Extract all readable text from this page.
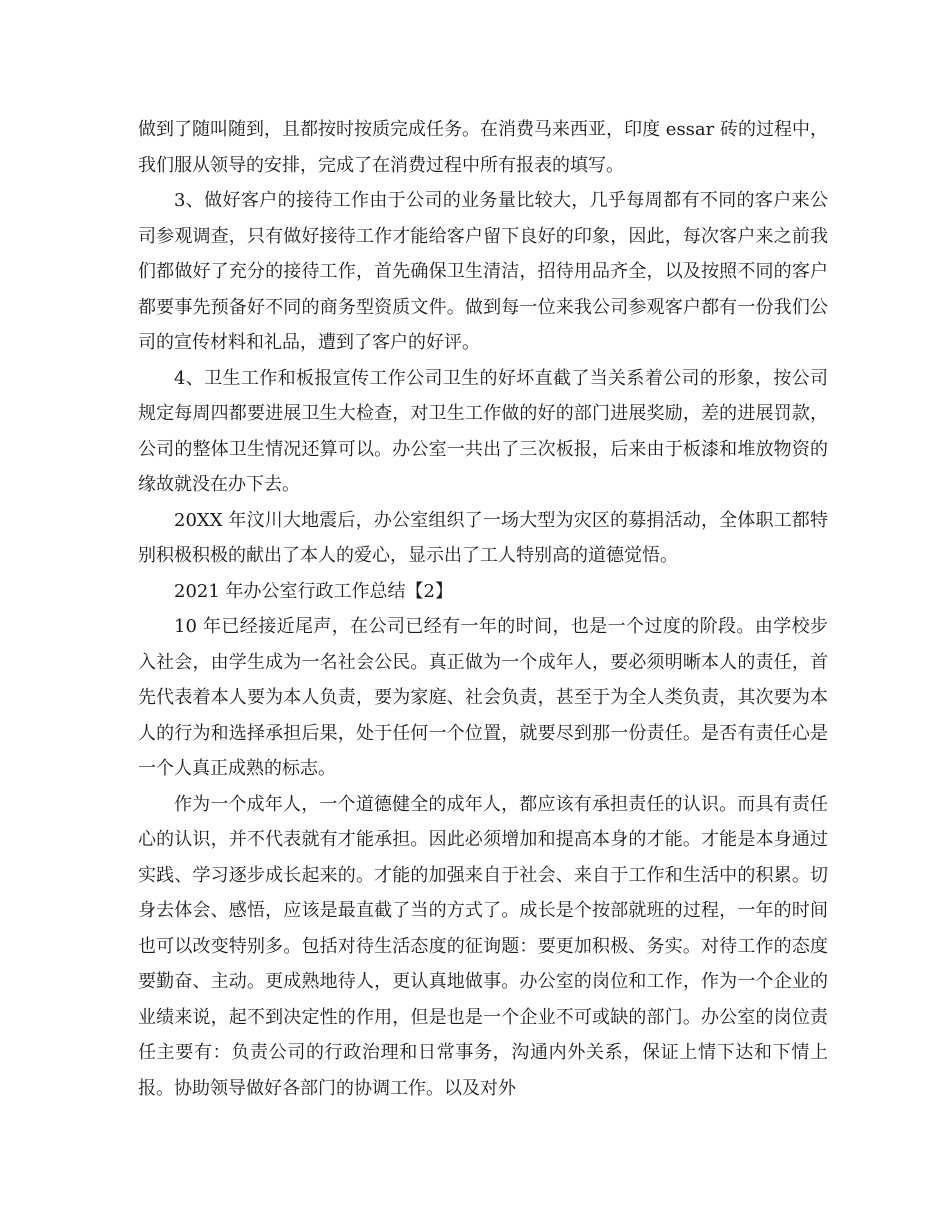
做到了随叫随到，且都按时按质完成任务。在消费马来西亚，印度 essar 砖的过程中，我们服从领导的安排，完成了在消费过程中所有报表的填写。

3、做好客户的接待工作由于公司的业务量比较大，几乎每周都有不同的客户来公司参观调查，只有做好接待工作才能给客户留下良好的印象，因此，每次客户来之前我们都做好了充分的接待工作，首先确保卫生清洁，招待用品齐全，以及按照不同的客户都要事先预备好不同的商务型资质文件。做到每一位来我公司参观客户都有一份我们公司的宣传材料和礼品，遭到了客户的好评。

4、卫生工作和板报宣传工作公司卫生的好坏直截了当关系着公司的形象，按公司规定每周四都要进展卫生大检查，对卫生工作做的好的部门进展奖励，差的进展罚款，公司的整体卫生情况还算可以。办公室一共出了三次板报，后来由于板漆和堆放物资的缘故就没在办下去。

20XX 年汶川大地震后，办公室组织了一场大型为灾区的募捐活动，全体职工都特别积极积极的献出了本人的爱心，显示出了工人特别高的道德觉悟。

2021 年办公室行政工作总结【2】

10 年已经接近尾声，在公司已经有一年的时间，也是一个过度的阶段。由学校步入社会，由学生成为一名社会公民。真正做为一个成年人，要必须明晰本人的责任，首先代表着本人要为本人负责，要为家庭、社会负责，甚至于为全人类负责，其次要为本人的行为和选择承担后果，处于任何一个位置，就要尽到那一份责任。是否有责任心是一个人真正成熟的标志。

作为一个成年人，一个道德健全的成年人，都应该有承担责任的认识。而具有责任心的认识，并不代表就有才能承担。因此必须增加和提高本身的才能。才能是本身通过实践、学习逐步成长起来的。才能的加强来自于社会、来自于工作和生活中的积累。切身去体会、感悟，应该是最直截了当的方式了。成长是个按部就班的过程，一年的时间也可以改变特别多。包括对待生活态度的征询题：要更加积极、务实。对待工作的态度要勤奋、主动。更成熟地待人，更认真地做事。办公室的岗位和工作，作为一个企业的业绩来说，起不到决定性的作用，但是也是一个企业不可或缺的部门。办公室的岗位责任主要有：负责公司的行政治理和日常事务，沟通内外关系，保证上情下达和下情上报。协助领导做好各部门的协调工作。以及对外
